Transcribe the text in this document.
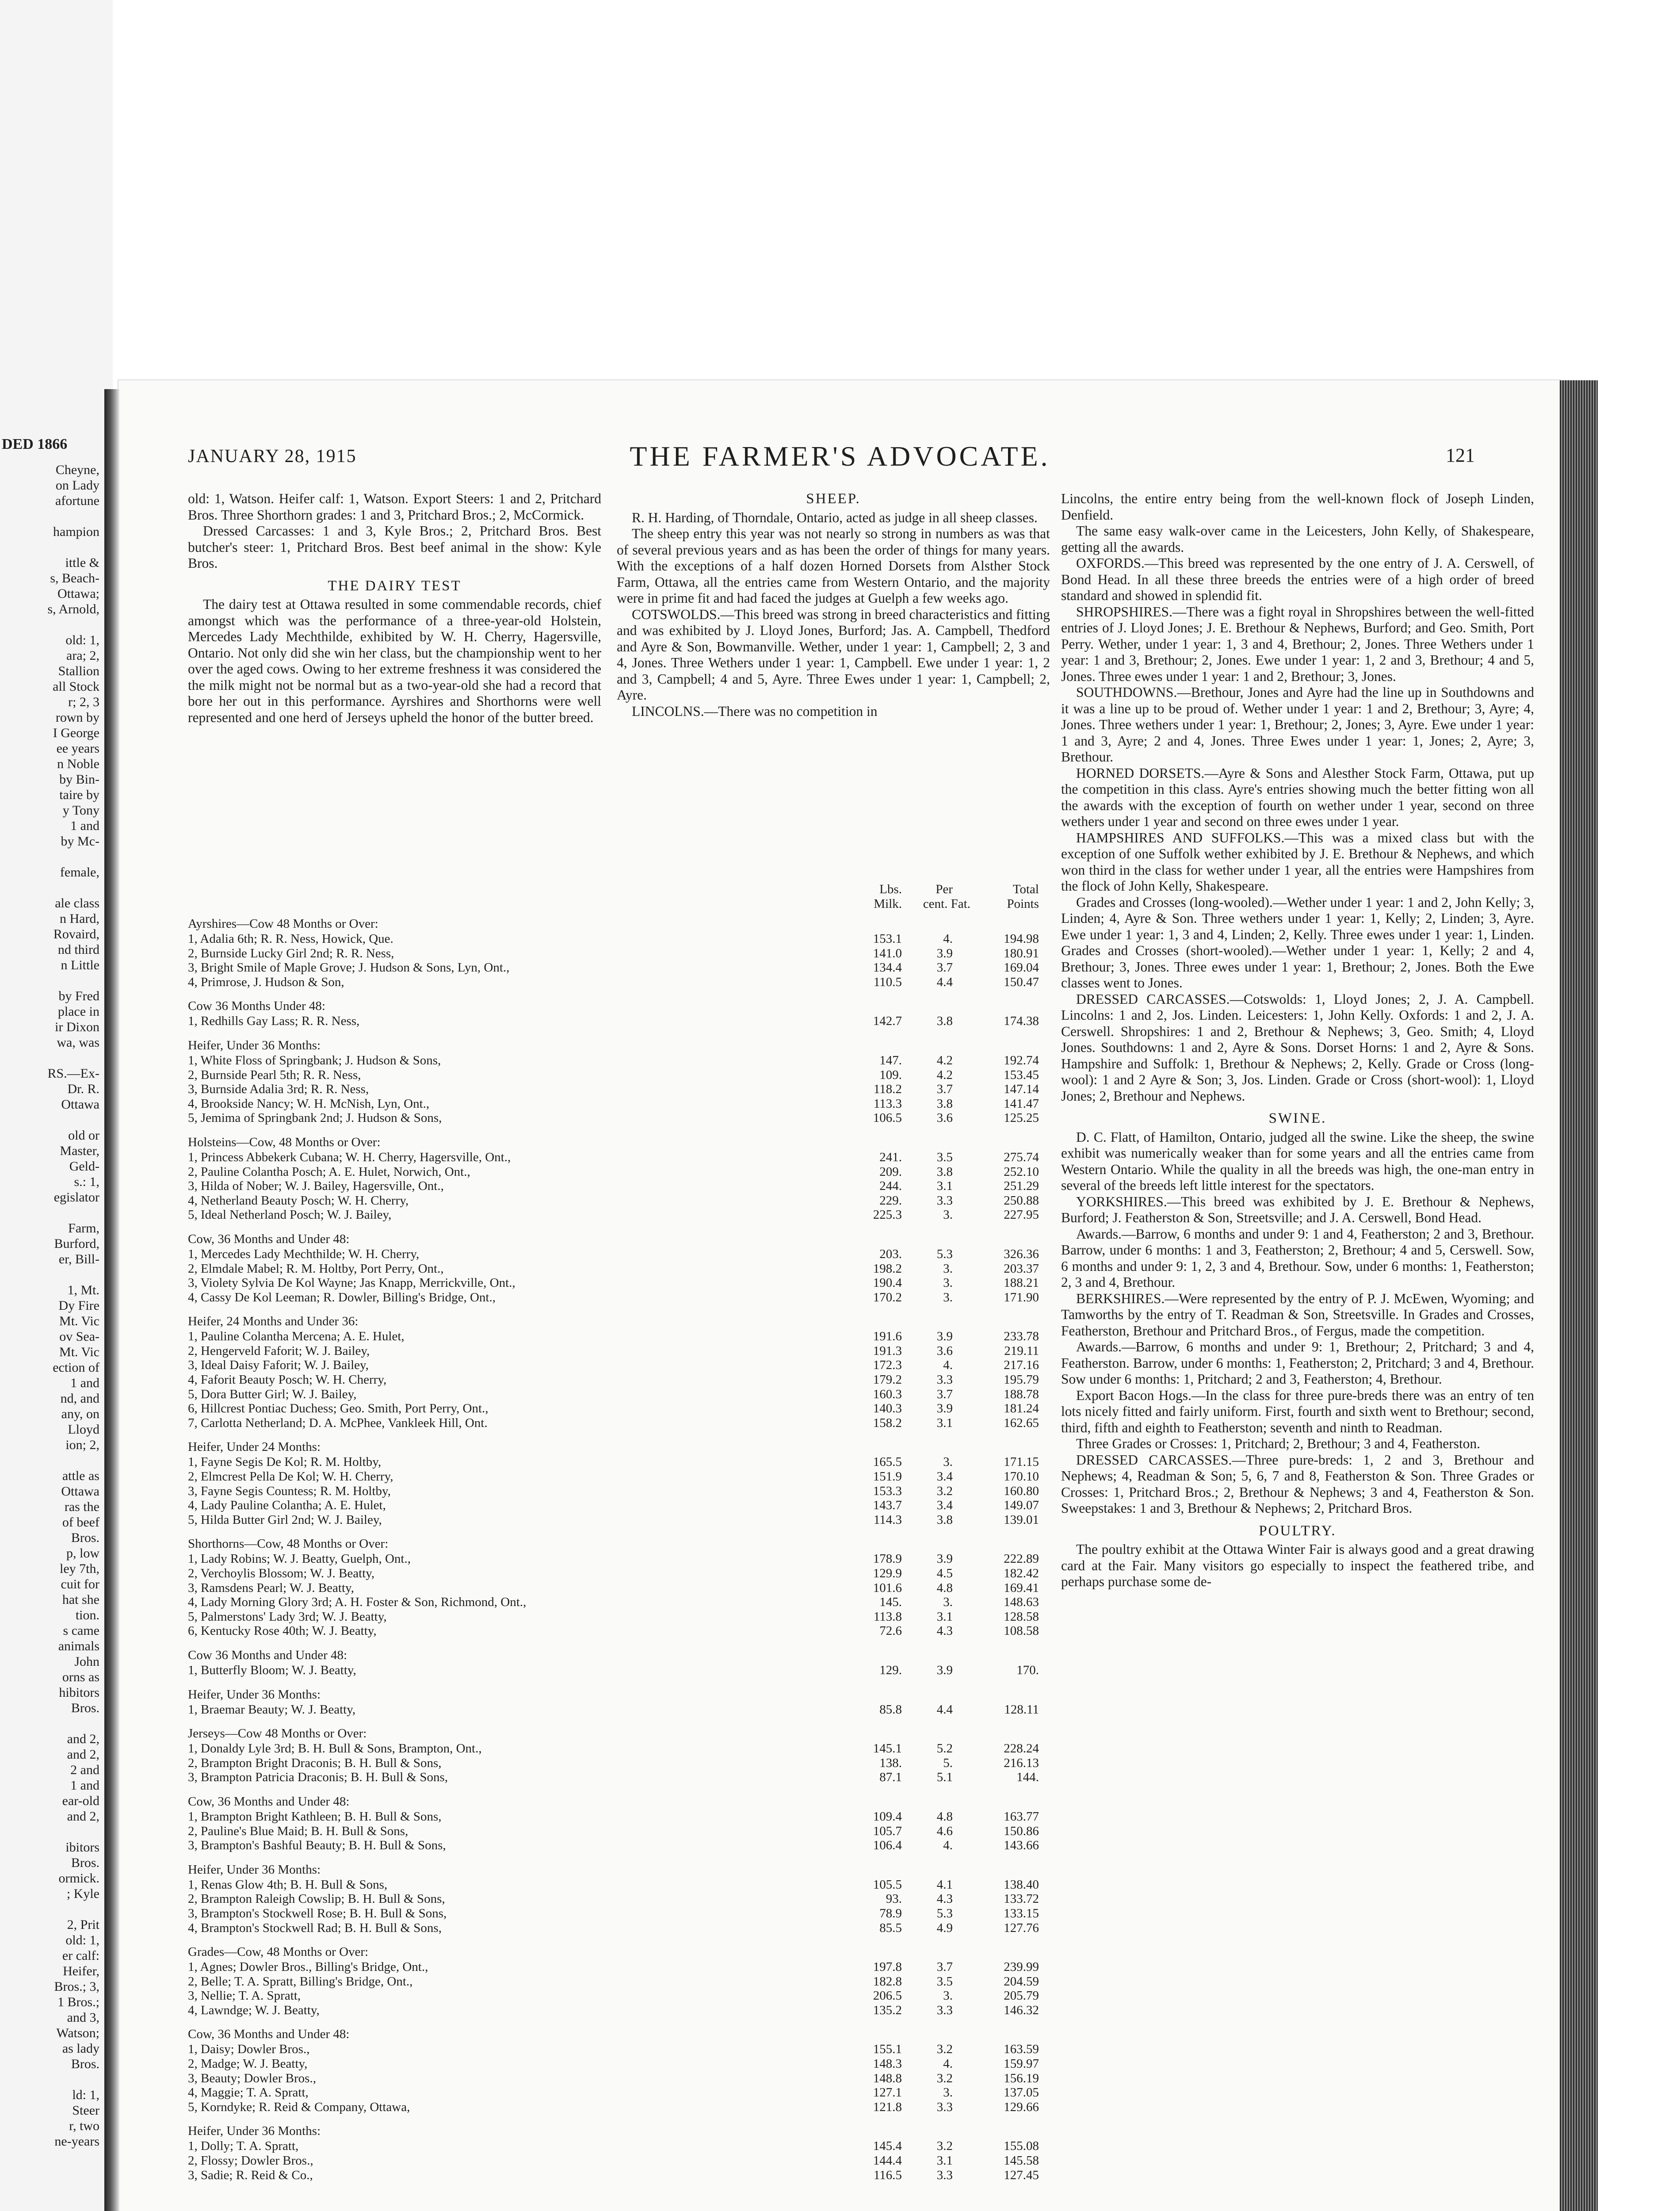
DED 1866
Cheyne,
on Lady
afortune

hampion

ittle &
s, Beach-
Ottawa;
s, Arnold,

old: 1,
ara; 2,
Stallion
all Stock
r; 2, 3
rown by
I George
ee years
n Noble
by Bin-
taire by
y Tony
1 and
by Mc-

female,

ale class
n Hard,
Rovaird,
nd third
n Little

by Fred
place in
ir Dixon
wa, was

RS.—Ex-
Dr. R.
Ottawa

old or
Master,
Geld-
s.: 1,
egislator

Farm,
Burford,
er, Bill-

1, Mt.
Dy Fire
Mt. Vic
ov Sea-
Mt. Vic
ection of
1 and
nd, and
any, on
Lloyd
ion; 2,

attle as
Ottawa
ras the
of beef
Bros.
p, low
ley 7th,
cuit for
hat she
tion.
s came
animals
John
orns as
hibitors
Bros.

and 2,
and 2,
2 and
1 and
ear-old
and 2,

ibitors
Bros.
ormick.
; Kyle

2, Prit
old: 1,
er calf:
Heifer,
Bros.; 3,
1 Bros.;
and 3,
Watson;
as lady
Bros.

ld: 1,
Steer
r, two
ne-years
JANUARY 28, 1915	THE FARMER'S ADVOCATE.	121

old: 1, Watson. Heifer calf: 1, Watson. Export Steers: 1 and 2, Pritchard Bros. Three Shorthorn grades: 1 and 3, Pritchard Bros.; 2, McCormick.

Dressed Carcasses: 1 and 3, Kyle Bros.; 2, Pritchard Bros. Best butcher's steer: 1, Pritchard Bros. Best beef animal in the show: Kyle Bros.

THE DAIRY TEST

The dairy test at Ottawa resulted in some commendable records, chief amongst which was the performance of a three-year-old Holstein, Mercedes Lady Mechthilde, exhibited by W. H. Cherry, Hagersville, Ontario. Not only did she win her class, but the championship went to her over the aged cows. Owing to her extreme freshness it was considered the the milk might not be normal but as a two-year-old she had a record that bore her out in this performance. Ayrshires and Shorthorns were well represented and one herd of Jerseys upheld the honor of the butter breed.

SHEEP.

R. H. Harding, of Thorndale, Ontario, acted as judge in all sheep classes.

The sheep entry this year was not nearly so strong in numbers as was that of several previous years and as has been the order of things for many years. With the exceptions of a half dozen Horned Dorsets from Alsther Stock Farm, Ottawa, all the entries came from Western Ontario, and the majority were in prime fit and had faced the judges at Guelph a few weeks ago.

COTSWOLDS.—This breed was strong in breed characteristics and fitting and was exhibited by J. Lloyd Jones, Burford; Jas. A. Campbell, Thedford and Ayre & Son, Bowmanville. Wether, under 1 year: 1, Campbell; 2, 3 and 4, Jones. Three Wethers under 1 year: 1, Campbell. Ewe under 1 year: 1, 2 and 3, Campbell; 4 and 5, Ayre. Three Ewes under 1 year: 1, Campbell; 2, Ayre.

LINCOLNS.—There was no competition in

Lincolns, the entire entry being from the well-known flock of Joseph Linden, Denfield.

The same easy walk-over came in the Leicesters, John Kelly, of Shakespeare, getting all the awards.

OXFORDS.—This breed was represented by the one entry of J. A. Cerswell, of Bond Head. In all these three breeds the entries were of a high order of breed standard and showed in splendid fit.

SHROPSHIRES.—There was a fight royal in Shropshires between the well-fitted entries of J. Lloyd Jones; J. E. Brethour & Nephews, Burford; and Geo. Smith, Port Perry. Wether, under 1 year: 1, 3 and 4, Brethour; 2, Jones. Three Wethers under 1 year: 1 and 3, Brethour; 2, Jones. Ewe under 1 year: 1, 2 and 3, Brethour; 4 and 5, Jones. Three ewes under 1 year: 1 and 2, Brethour; 3, Jones.

SOUTHDOWNS.—Brethour, Jones and Ayre had the line up in Southdowns and it was a line up to be proud of. Wether under 1 year: 1 and 2, Brethour; 3, Ayre; 4, Jones. Three wethers under 1 year: 1, Brethour; 2, Jones; 3, Ayre. Ewe under 1 year: 1 and 3, Ayre; 2 and 4, Jones. Three Ewes under 1 year: 1, Jones; 2, Ayre; 3, Brethour.

HORNED DORSETS.—Ayre & Sons and Alesther Stock Farm, Ottawa, put up the competition in this class. Ayre's entries showing much the better fitting won all the awards with the exception of fourth on wether under 1 year, second on three wethers under 1 year and second on three ewes under 1 year.

HAMPSHIRES AND SUFFOLKS.—This was a mixed class but with the exception of one Suffolk wether exhibited by J. E. Brethour & Nephews, and which won third in the class for wether under 1 year, all the entries were Hampshires from the flock of John Kelly, Shakespeare.

Grades and Crosses (long-wooled).—Wether under 1 year: 1 and 2, John Kelly; 3, Linden; 4, Ayre & Son. Three wethers under 1 year: 1, Kelly; 2, Linden; 3, Ayre. Ewe under 1 year: 1, 3 and 4, Linden; 2, Kelly. Three ewes under 1 year: 1, Linden. Grades and Crosses (short-wooled).—Wether under 1 year: 1, Kelly; 2 and 4, Brethour; 3, Jones. Three ewes under 1 year: 1, Brethour; 2, Jones. Both the Ewe classes went to Jones.

DRESSED CARCASSES.—Cotswolds: 1, Lloyd Jones; 2, J. A. Campbell. Lincolns: 1 and 2, Jos. Linden. Leicesters: 1, John Kelly. Oxfords: 1 and 2, J. A. Cerswell. Shropshires: 1 and 2, Brethour & Nephews; 3, Geo. Smith; 4, Lloyd Jones. Southdowns: 1 and 2, Ayre & Sons. Dorset Horns: 1 and 2, Ayre & Sons. Hampshire and Suffolk: 1, Brethour & Nephews; 2, Kelly. Grade or Cross (long-wool): 1 and 2 Ayre & Son; 3, Jos. Linden. Grade or Cross (short-wool): 1, Lloyd Jones; 2, Brethour and Nephews.

SWINE.

D. C. Flatt, of Hamilton, Ontario, judged all the swine. Like the sheep, the swine exhibit was numerically weaker than for some years and all the entries came from Western Ontario. While the quality in all the breeds was high, the one-man entry in several of the breeds left little interest for the spectators.

YORKSHIRES.—This breed was exhibited by J. E. Brethour & Nephews, Burford; J. Featherston & Son, Streetsville; and J. A. Cerswell, Bond Head.

Awards.—Barrow, 6 months and under 9: 1 and 4, Featherston; 2 and 3, Brethour. Barrow, under 6 months: 1 and 3, Featherston; 2, Brethour; 4 and 5, Cerswell. Sow, 6 months and under 9: 1, 2, 3 and 4, Brethour. Sow, under 6 months: 1, Featherston; 2, 3 and 4, Brethour.

BERKSHIRES.—Were represented by the entry of P. J. McEwen, Wyoming; and Tamworths by the entry of T. Readman & Son, Streetsville. In Grades and Crosses, Featherston, Brethour and Pritchard Bros., of Fergus, made the competition.

Awards.—Barrow, 6 months and under 9: 1, Brethour; 2, Pritchard; 3 and 4, Featherston. Barrow, under 6 months: 1, Featherston; 2, Pritchard; 3 and 4, Brethour. Sow under 6 months: 1, Pritchard; 2 and 3, Featherston; 4, Brethour.

Export Bacon Hogs.—In the class for three pure-breds there was an entry of ten lots nicely fitted and fairly uniform. First, fourth and sixth went to Brethour; second, third, fifth and eighth to Featherston; seventh and ninth to Readman.

Three Grades or Crosses: 1, Pritchard; 2, Brethour; 3 and 4, Featherston.

DRESSED CARCASSES.—Three pure-breds: 1, 2 and 3, Brethour and Nephews; 4, Readman & Son; 5, 6, 7 and 8, Featherston & Son. Three Grades or Crosses: 1, Pritchard Bros.; 2, Brethour & Nephews; 3 and 4, Featherston & Son. Sweepstakes: 1 and 3, Brethour & Nephews; 2, Pritchard Bros.

POULTRY.

The poultry exhibit at the Ottawa Winter Fair is always good and a great drawing card at the Fair. Many visitors go especially to inspect the feathered tribe, and perhaps purchase some de-

Lbs.	Per	Total
Milk.	cent. Fat.	Points
Ayrshires—Cow 48 Months or Over:
1, Adalia 6th; R. R. Ness, Howick, Que.	153.1	4.	194.98
2, Burnside Lucky Girl 2nd; R. R. Ness,	141.0	3.9	180.91
3, Bright Smile of Maple Grove; J. Hudson & Sons, Lyn, Ont.,	134.4	3.7	169.04
4, Primrose, J. Hudson & Son,	110.5	4.4	150.47
Cow 36 Months Under 48:
1, Redhills Gay Lass; R. R. Ness,	142.7	3.8	174.38
Heifer, Under 36 Months:
1, White Floss of Springbank; J. Hudson & Sons,	147.	4.2	192.74
2, Burnside Pearl 5th; R. R. Ness,	109.	4.2	153.45
3, Burnside Adalia 3rd; R. R. Ness,	118.2	3.7	147.14
4, Brookside Nancy; W. H. McNish, Lyn, Ont.,	113.3	3.8	141.47
5, Jemima of Springbank 2nd; J. Hudson & Sons,	106.5	3.6	125.25
Holsteins—Cow, 48 Months or Over:
1, Princess Abbekerk Cubana; W. H. Cherry, Hagersville, Ont.,	241.	3.5	275.74
2, Pauline Colantha Posch; A. E. Hulet, Norwich, Ont.,	209.	3.8	252.10
3, Hilda of Nober; W. J. Bailey, Hagersville, Ont.,	244.	3.1	251.29
4, Netherland Beauty Posch; W. H. Cherry,	229.	3.3	250.88
5, Ideal Netherland Posch; W. J. Bailey,	225.3	3.	227.95
Cow, 36 Months and Under 48:
1, Mercedes Lady Mechthilde; W. H. Cherry,	203.	5.3	326.36
2, Elmdale Mabel; R. M. Holtby, Port Perry, Ont.,	198.2	3.	203.37
3, Violety Sylvia De Kol Wayne; Jas Knapp, Merrickville, Ont.,	190.4	3.	188.21
4, Cassy De Kol Leeman; R. Dowler, Billing's Bridge, Ont.,	170.2	3.	171.90
Heifer, 24 Months and Under 36:
1, Pauline Colantha Mercena; A. E. Hulet,	191.6	3.9	233.78
2, Hengerveld Faforit; W. J. Bailey,	191.3	3.6	219.11
3, Ideal Daisy Faforit; W. J. Bailey,	172.3	4.	217.16
4, Faforit Beauty Posch; W. H. Cherry,	179.2	3.3	195.79
5, Dora Butter Girl; W. J. Bailey,	160.3	3.7	188.78
6, Hillcrest Pontiac Duchess; Geo. Smith, Port Perry, Ont.,	140.3	3.9	181.24
7, Carlotta Netherland; D. A. McPhee, Vankleek Hill, Ont.	158.2	3.1	162.65
Heifer, Under 24 Months:
1, Fayne Segis De Kol; R. M. Holtby,	165.5	3.	171.15
2, Elmcrest Pella De Kol; W. H. Cherry,	151.9	3.4	170.10
3, Fayne Segis Countess; R. M. Holtby,	153.3	3.2	160.80
4, Lady Pauline Colantha; A. E. Hulet,	143.7	3.4	149.07
5, Hilda Butter Girl 2nd; W. J. Bailey,	114.3	3.8	139.01
Shorthorns—Cow, 48 Months or Over:
1, Lady Robins; W. J. Beatty, Guelph, Ont.,	178.9	3.9	222.89
2, Verchoylis Blossom; W. J. Beatty,	129.9	4.5	182.42
3, Ramsdens Pearl; W. J. Beatty,	101.6	4.8	169.41
4, Lady Morning Glory 3rd; A. H. Foster & Son, Richmond, Ont.,	145.	3.	148.63
5, Palmerstons' Lady 3rd; W. J. Beatty,	113.8	3.1	128.58
6, Kentucky Rose 40th; W. J. Beatty,	72.6	4.3	108.58
Cow 36 Months and Under 48:
1, Butterfly Bloom; W. J. Beatty,	129.	3.9	170.
Heifer, Under 36 Months:
1, Braemar Beauty; W. J. Beatty,	85.8	4.4	128.11
Jerseys—Cow 48 Months or Over:
1, Donaldy Lyle 3rd; B. H. Bull & Sons, Brampton, Ont.,	145.1	5.2	228.24
2, Brampton Bright Draconis; B. H. Bull & Sons,	138.	5.	216.13
3, Brampton Patricia Draconis; B. H. Bull & Sons,	87.1	5.1	144.
Cow, 36 Months and Under 48:
1, Brampton Bright Kathleen; B. H. Bull & Sons,	109.4	4.8	163.77
2, Pauline's Blue Maid; B. H. Bull & Sons,	105.7	4.6	150.86
3, Brampton's Bashful Beauty; B. H. Bull & Sons,	106.4	4.	143.66
Heifer, Under 36 Months:
1, Renas Glow 4th; B. H. Bull & Sons,	105.5	4.1	138.40
2, Brampton Raleigh Cowslip; B. H. Bull & Sons,	93.	4.3	133.72
3, Brampton's Stockwell Rose; B. H. Bull & Sons,	78.9	5.3	133.15
4, Brampton's Stockwell Rad; B. H. Bull & Sons,	85.5	4.9	127.76
Grades—Cow, 48 Months or Over:
1, Agnes; Dowler Bros., Billing's Bridge, Ont.,	197.8	3.7	239.99
2, Belle; T. A. Spratt, Billing's Bridge, Ont.,	182.8	3.5	204.59
3, Nellie; T. A. Spratt,	206.5	3.	205.79
4, Lawndge; W. J. Beatty,	135.2	3.3	146.32
Cow, 36 Months and Under 48:
1, Daisy; Dowler Bros.,	155.1	3.2	163.59
2, Madge; W. J. Beatty,	148.3	4.	159.97
3, Beauty; Dowler Bros.,	148.8	3.2	156.19
4, Maggie; T. A. Spratt,	127.1	3.	137.05
5, Korndyke; R. Reid & Company, Ottawa,	121.8	3.3	129.66
Heifer, Under 36 Months:
1, Dolly; T. A. Spratt,	145.4	3.2	155.08
2, Flossy; Dowler Bros.,	144.4	3.1	145.58
3, Sadie; R. Reid & Co.,	116.5	3.3	127.45
